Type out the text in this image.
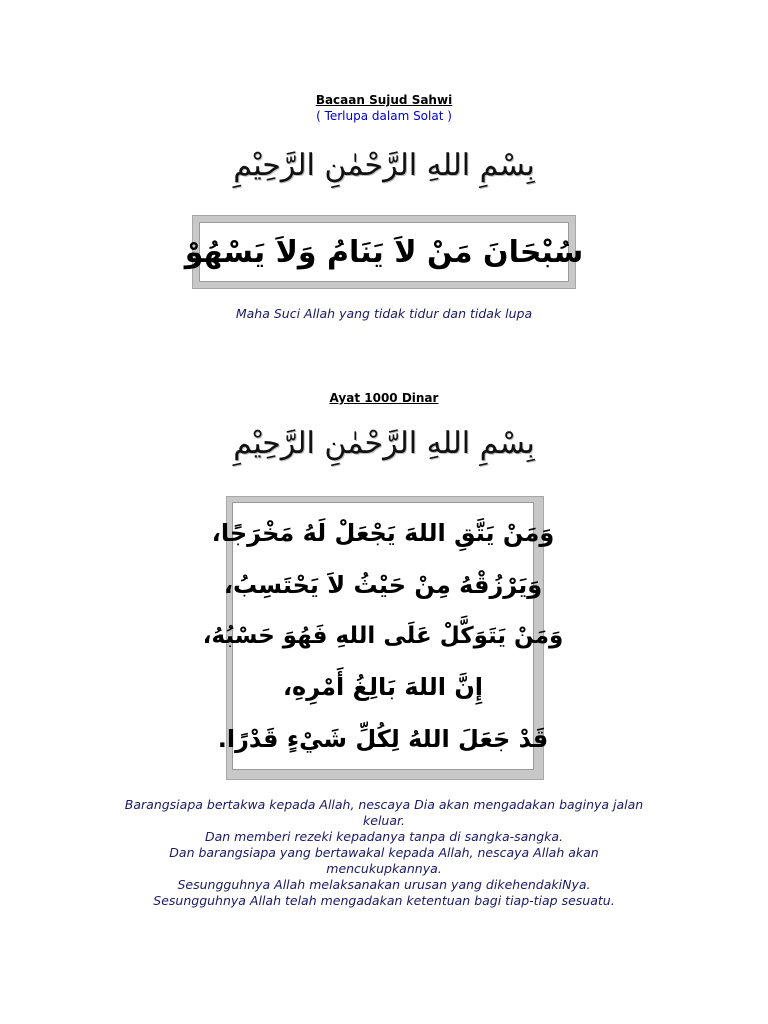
Bacaan Sujud Sahwi
( Terlupa dalam Solat )
بِسْمِ اللهِ الرَّحْمٰنِ الرَّحِيْمِ
سُبْحَانَ مَنْ لاَ يَنَامُ وَلاَ يَسْهُوْ
Maha Suci Allah yang tidak tidur dan tidak lupa
Ayat 1000 Dinar
بِسْمِ اللهِ الرَّحْمٰنِ الرَّحِيْمِ
وَمَنْ يَتَّقِ اللهَ يَجْعَلْ لَهُ مَخْرَجًا،
وَيَرْزُقْهُ مِنْ حَيْثُ لاَ يَحْتَسِبُ،
وَمَنْ يَتَوَكَّلْ عَلَى اللهِ فَهُوَ حَسْبُهُ،
إِنَّ اللهَ بَالِغُ أَمْرِهِ،
قَدْ جَعَلَ اللهُ لِكُلِّ شَيْءٍ قَدْرًا.
Barangsiapa bertakwa kepada Allah, nescaya Dia akan mengadakan baginya jalan
keluar.
Dan memberi rezeki kepadanya tanpa di sangka-sangka.
Dan barangsiapa yang bertawakal kepada Allah, nescaya Allah akan
mencukupkannya.
Sesungguhnya Allah melaksanakan urusan yang dikehendakiNya.
Sesungguhnya Allah telah mengadakan ketentuan bagi tiap-tiap sesuatu.
